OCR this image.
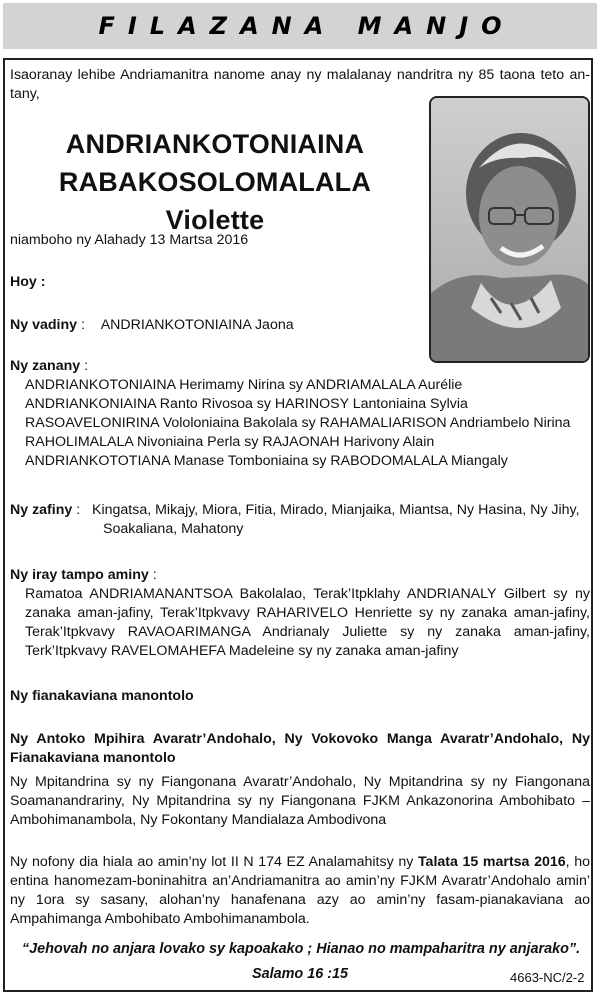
FILAZANA MANJO

Isaoranay lehibe Andriamanitra nanome anay ny malalanay nandritra ny 85 taona teto an-tany,

ANDRIANKOTONIAINA
RABAKOSOLOMALALA Violette

niamboho ny Alahady 13 Martsa 2016

Hoy :

Ny vadiny : ANDRIANKOTONIAINA Jaona

Ny zanany :
ANDRIANKOTONIAINA Herimamy Nirina sy ANDRIAMALALA Aurélie
ANDRIANKONIAINA Ranto Rivosoa sy HARINOSY Lantoniaina Sylvia
RASOAVELONIRINA Vololoniaina Bakolala sy RAHAMALIARISON Andriambelo Nirina
RAHOLIMALALA Nivoniaina Perla sy RAJAONAH Harivony Alain
ANDRIANKOTOTIANA Manase Tomboniaina sy RABODOMALALA Miangaly
Ny zafiny : Kingatsa, Mikajy, Miora, Fitia, Mirado, Mianjaika, Miantsa, Ny Hasina, Ny Jihy,
Soakaliana, Mahatony
Ny iray tampo aminy :
Ramatoa ANDRIAMANANTSOA Bakolalao, Terak’Itpklahy ANDRIANALY Gilbert sy ny zanaka aman-jafiny, Terak’Itpkvavy RAHARIVELO Henriette sy ny zanaka aman-jafiny, Terak’Itpkvavy RAVAOARIMANGA Andrianaly Juliette sy ny zanaka aman-jafiny, Terk’Itpkvavy RAVELOMAHEFA Madeleine sy ny zanaka aman-jafiny

Ny fianakaviana manontolo

Ny Antoko Mpihira Avaratr’Andohalo, Ny Vokovoko Manga Avaratr’Andohalo, Ny Fianakaviana manontolo

Ny Mpitandrina sy ny Fiangonana Avaratr’Andohalo, Ny Mpitandrina sy ny Fiangonana Soamanandrariny, Ny Mpitandrina sy ny Fiangonana FJKM Ankazonorina Ambohibato – Ambohimanambola, Ny Fokontany Mandialaza Ambodivona

Ny nofony dia hiala ao amin’ny lot II N 174 EZ Analamahitsy ny Talata 15 martsa 2016, ho entina hanomezam-boninahitra an’Andriamanitra ao amin’ny FJKM Avaratr’Andohalo amin’ ny 1ora sy sasany, alohan’ny hanafenana azy ao amin’ny fasam-pianakaviana ao Ampahimanga Ambohibato Ambohimanambola.

“Jehovah no anjara lovako sy kapoakako ; Hianao no mampaharitra ny anjarako”.
Salamo 16 :15	4663-NC/2-2
